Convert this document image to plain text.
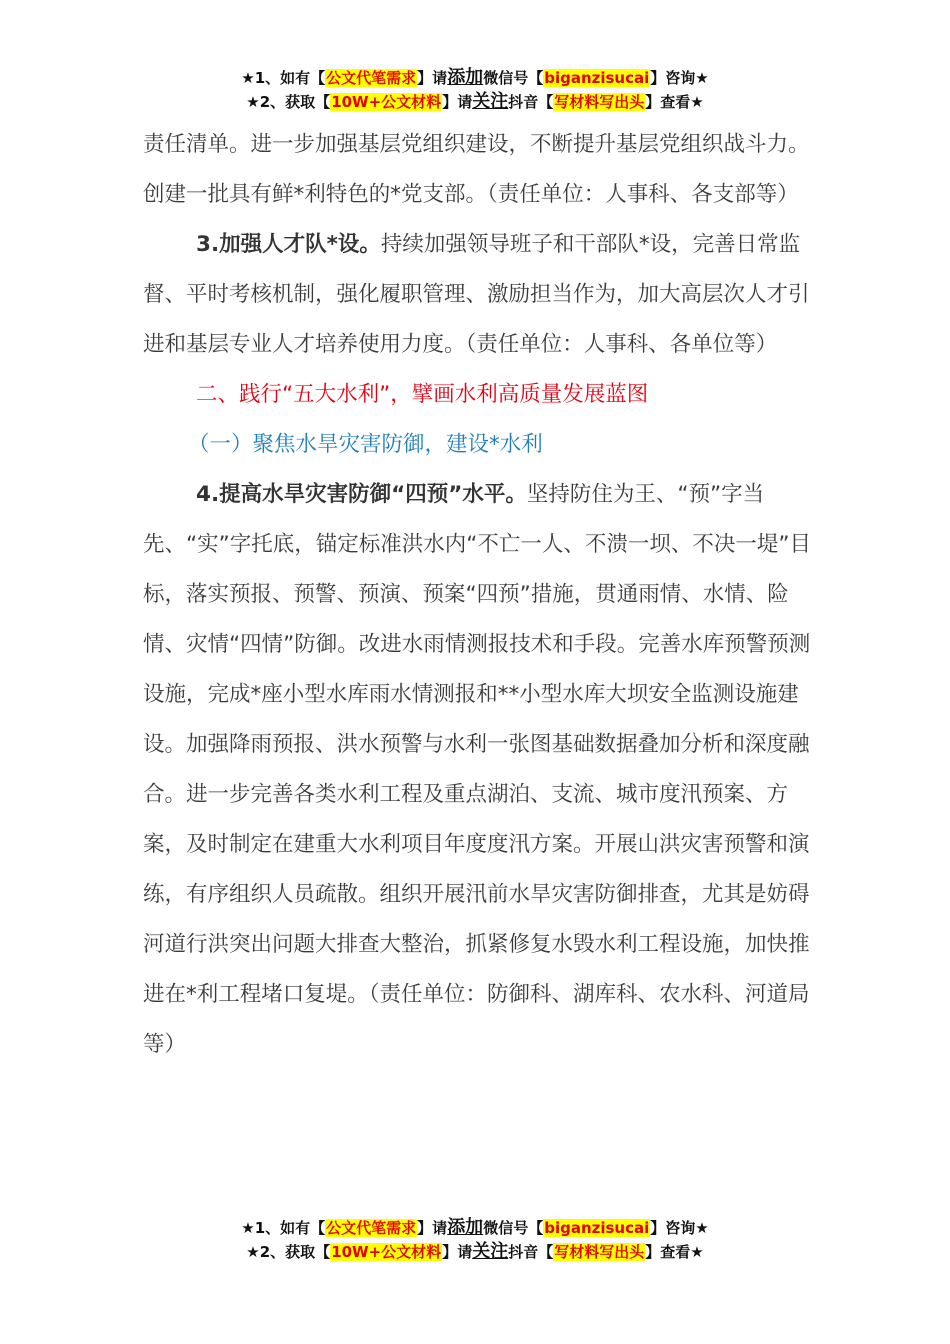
★1、如有【公文代笔需求】请添加微信号【biganzisucai】咨询★
★2、获取【10W+公文材料】请关注抖音【写材料写出头】查看★

责任清单。进一步加强基层党组织建设，不断提升基层党组织战斗力。创建一批具有鲜*利特色的*党支部。（责任单位：人事科、各支部等）

3.加强人才队*设。持续加强领导班子和干部队*设，完善日常监督、平时考核机制，强化履职管理、激励担当作为，加大高层次人才引进和基层专业人才培养使用力度。（责任单位：人事科、各单位等）

二、践行“五大水利”，擘画水利高质量发展蓝图

（一）聚焦水旱灾害防御，建设*水利

4.提高水旱灾害防御“四预”水平。坚持防住为王、“预”字当先、“实”字托底，锚定标准洪水内“不亡一人、不溃一坝、不决一堤”目标，落实预报、预警、预演、预案“四预”措施，贯通雨情、水情、险情、灾情“四情”防御。改进水雨情测报技术和手段。完善水库预警预测设施，完成*座小型水库雨水情测报和**小型水库大坝安全监测设施建设。加强降雨预报、洪水预警与水利一张图基础数据叠加分析和深度融合。进一步完善各类水利工程及重点湖泊、支流、城市度汛预案、方案，及时制定在建重大水利项目年度度汛方案。开展山洪灾害预警和演练，有序组织人员疏散。组织开展汛前水旱灾害防御排查，尤其是妨碍河道行洪突出问题大排查大整治，抓紧修复水毁水利工程设施，加快推进在*利工程堵口复堤。（责任单位：防御科、湖库科、农水科、河道局等）

★1、如有【公文代笔需求】请添加微信号【biganzisucai】咨询★
★2、获取【10W+公文材料】请关注抖音【写材料写出头】查看★
